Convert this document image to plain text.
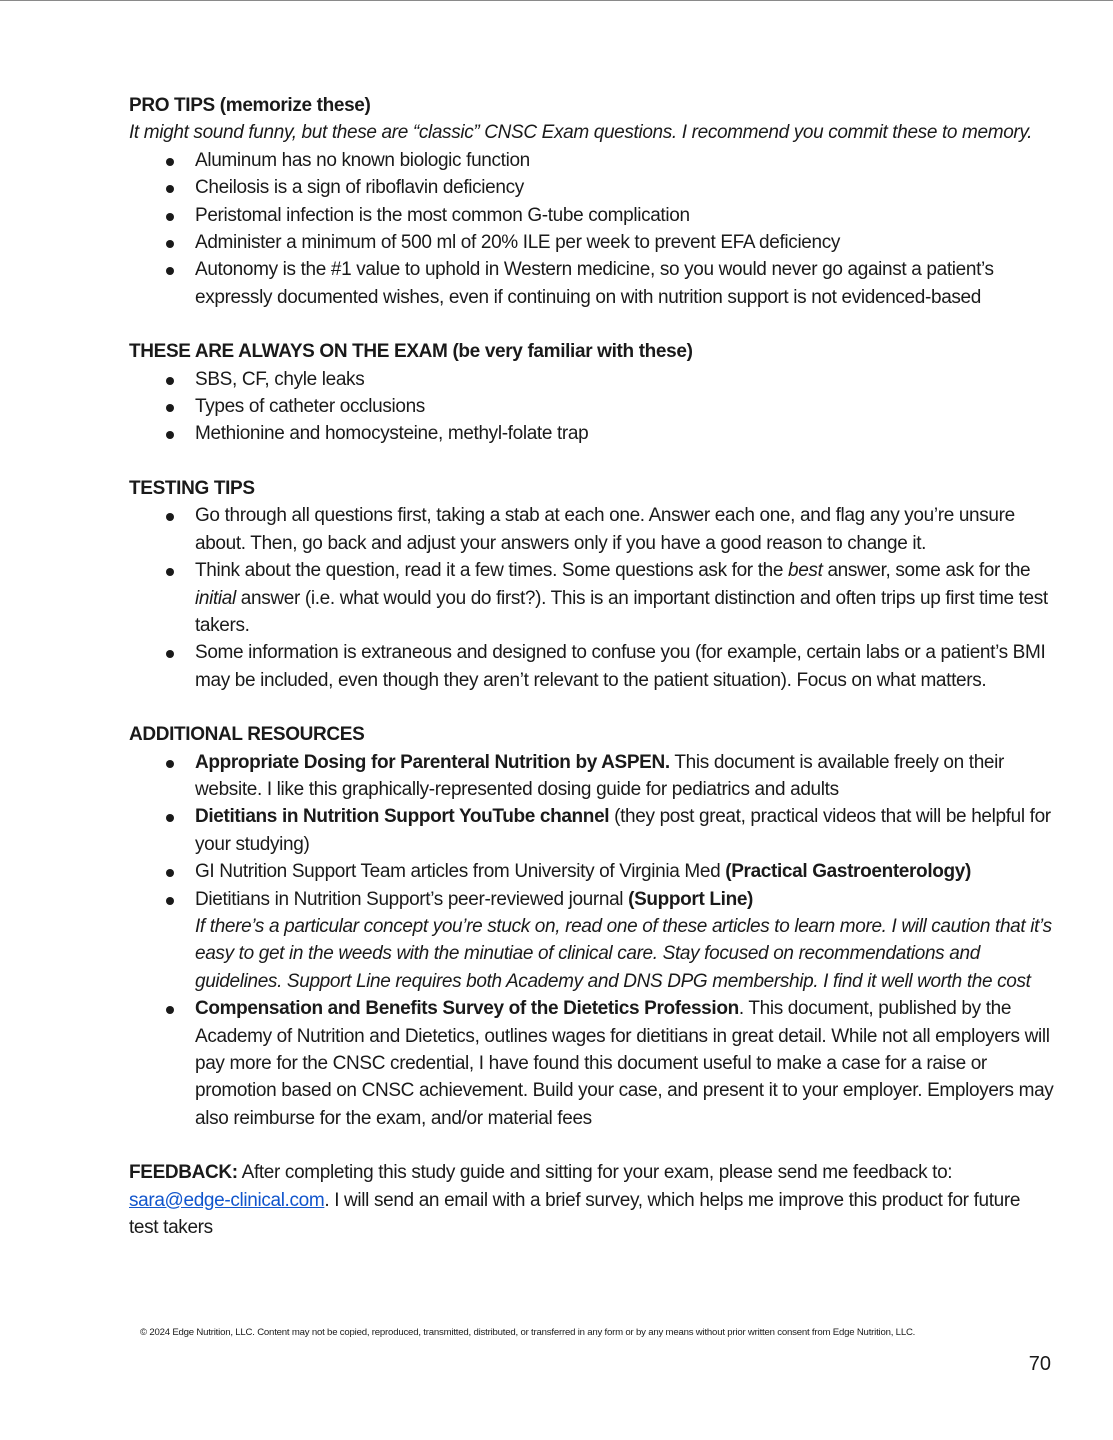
PRO TIPS (memorize these)
It might sound funny, but these are “classic” CNSC Exam questions. I recommend you commit these to memory.
Aluminum has no known biologic function
Cheilosis is a sign of riboflavin deficiency
Peristomal infection is the most common G-tube complication
Administer a minimum of 500 ml of 20% ILE per week to prevent EFA deficiency
Autonomy is the #1 value to uphold in Western medicine, so you would never go against a patient’s expressly documented wishes, even if continuing on with nutrition support is not evidenced-based
THESE ARE ALWAYS ON THE EXAM (be very familiar with these)
SBS, CF, chyle leaks
Types of catheter occlusions
Methionine and homocysteine, methyl-folate trap
TESTING TIPS
Go through all questions first, taking a stab at each one. Answer each one, and flag any you’re unsure about. Then, go back and adjust your answers only if you have a good reason to change it.
Think about the question, read it a few times. Some questions ask for the best answer, some ask for the initial answer (i.e. what would you do first?). This is an important distinction and often trips up first time test takers.
Some information is extraneous and designed to confuse you (for example, certain labs or a patient’s BMI may be included, even though they aren’t relevant to the patient situation). Focus on what matters.
ADDITIONAL RESOURCES
Appropriate Dosing for Parenteral Nutrition by ASPEN. This document is available freely on their website. I like this graphically-represented dosing guide for pediatrics and adults
Dietitians in Nutrition Support YouTube channel (they post great, practical videos that will be helpful for your studying)
GI Nutrition Support Team articles from University of Virginia Med (Practical Gastroenterology)
Dietitians in Nutrition Support’s peer-reviewed journal (Support Line)
If there’s a particular concept you’re stuck on, read one of these articles to learn more. I will caution that it’s easy to get in the weeds with the minutiae of clinical care. Stay focused on recommendations and guidelines. Support Line requires both Academy and DNS DPG membership. I find it well worth the cost
Compensation and Benefits Survey of the Dietetics Profession. This document, published by the Academy of Nutrition and Dietetics, outlines wages for dietitians in great detail. While not all employers will pay more for the CNSC credential, I have found this document useful to make a case for a raise or promotion based on CNSC achievement. Build your case, and present it to your employer. Employers may also reimburse for the exam, and/or material fees
FEEDBACK: After completing this study guide and sitting for your exam, please send me feedback to: sara@edge-clinical.com. I will send an email with a brief survey, which helps me improve this product for future test takers
© 2024 Edge Nutrition, LLC. Content may not be copied, reproduced, transmitted, distributed, or transferred in any form or by any means without prior written consent from Edge Nutrition, LLC.
70
